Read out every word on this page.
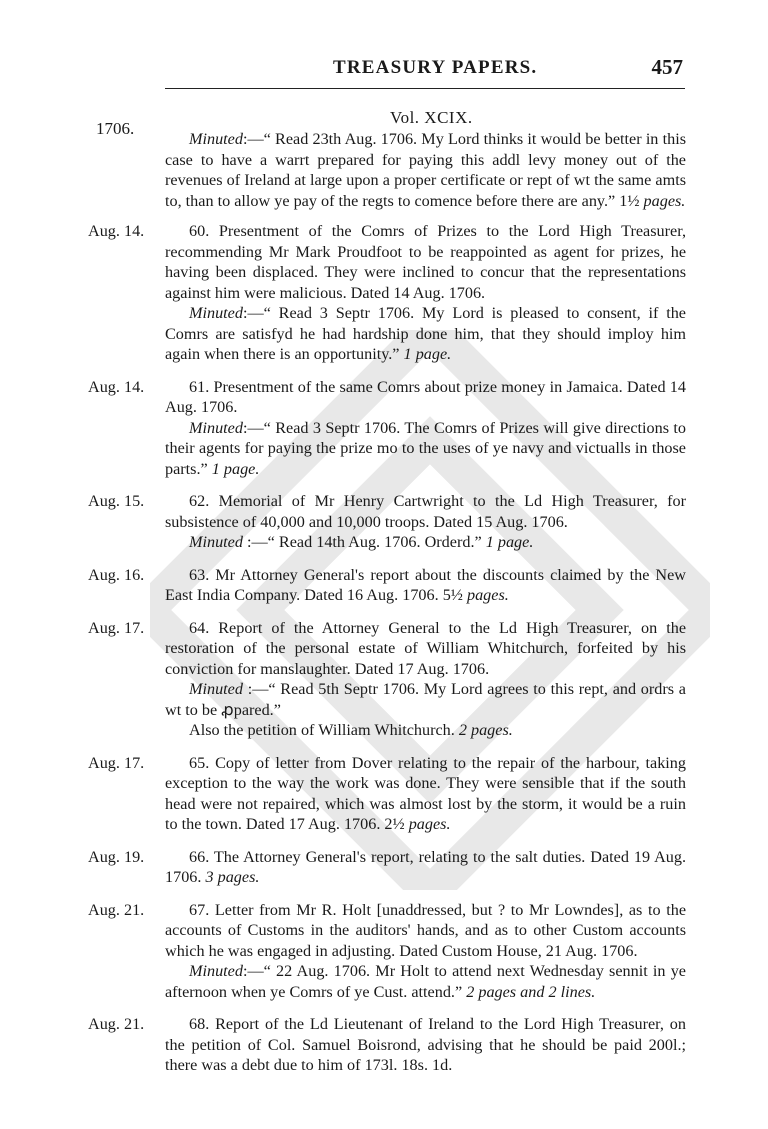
TREASURY PAPERS.	457
Vol. XCIX.
1706.

Minuted:—“ Read 23th Aug. 1706. My Lord thinks it would be better in this case to have a warrt prepared for paying this addl levy money out of the revenues of Ireland at large upon a proper certificate or rept of wt the same amts to, than to allow ye pay of the regts to comence before there are any.” 1½ pages.

Aug. 14.	60. Presentment of the Comrs of Prizes to the Lord High Treasurer, recommending Mr Mark Proudfoot to be reappointed as agent for prizes, he having been displaced. They were inclined to concur that the representations against him were malicious. Dated 14 Aug. 1706.

Minuted:—“ Read 3 Septr 1706. My Lord is pleased to consent, if the Comrs are satisfyd he had hardship done him, that they should imploy him again when there is an opportunity.” 1 page.

Aug. 14.	61. Presentment of the same Comrs about prize money in Jamaica. Dated 14 Aug. 1706.

Minuted:—“ Read 3 Septr 1706. The Comrs of Prizes will give directions to their agents for paying the prize mo to the uses of ye navy and victualls in those parts.” 1 page.

Aug. 15.	62. Memorial of Mr Henry Cartwright to the Ld High Treasurer, for subsistence of 40,000 and 10,000 troops. Dated 15 Aug. 1706.

Minuted :—“ Read 14th Aug. 1706. Orderd.” 1 page.

Aug. 16.	63. Mr Attorney General's report about the discounts claimed by the New East India Company. Dated 16 Aug. 1706. 5½ pages.

Aug. 17.	64. Report of the Attorney General to the Ld High Treasurer, on the restoration of the personal estate of William Whitchurch, forfeited by his conviction for manslaughter. Dated 17 Aug. 1706.

Minuted :—“ Read 5th Septr 1706. My Lord agrees to this rept, and ordrs a wt to be ꝓpared.”

Also the petition of William Whitchurch. 2 pages.

Aug. 17.	65. Copy of letter from Dover relating to the repair of the harbour, taking exception to the way the work was done. They were sensible that if the south head were not repaired, which was almost lost by the storm, it would be a ruin to the town. Dated 17 Aug. 1706. 2½ pages.

Aug. 19.	66. The Attorney General's report, relating to the salt duties. Dated 19 Aug. 1706. 3 pages.

Aug. 21.	67. Letter from Mr R. Holt [unaddressed, but ? to Mr Lowndes], as to the accounts of Customs in the auditors' hands, and as to other Custom accounts which he was engaged in adjusting. Dated Custom House, 21 Aug. 1706.

Minuted:—“ 22 Aug. 1706. Mr Holt to attend next Wednesday sennit in ye afternoon when ye Comrs of ye Cust. attend.” 2 pages and 2 lines.

Aug. 21.	68. Report of the Ld Lieutenant of Ireland to the Lord High Treasurer, on the petition of Col. Samuel Boisrond, advising that he should be paid 200l.; there was a debt due to him of 173l. 18s. 1d.
